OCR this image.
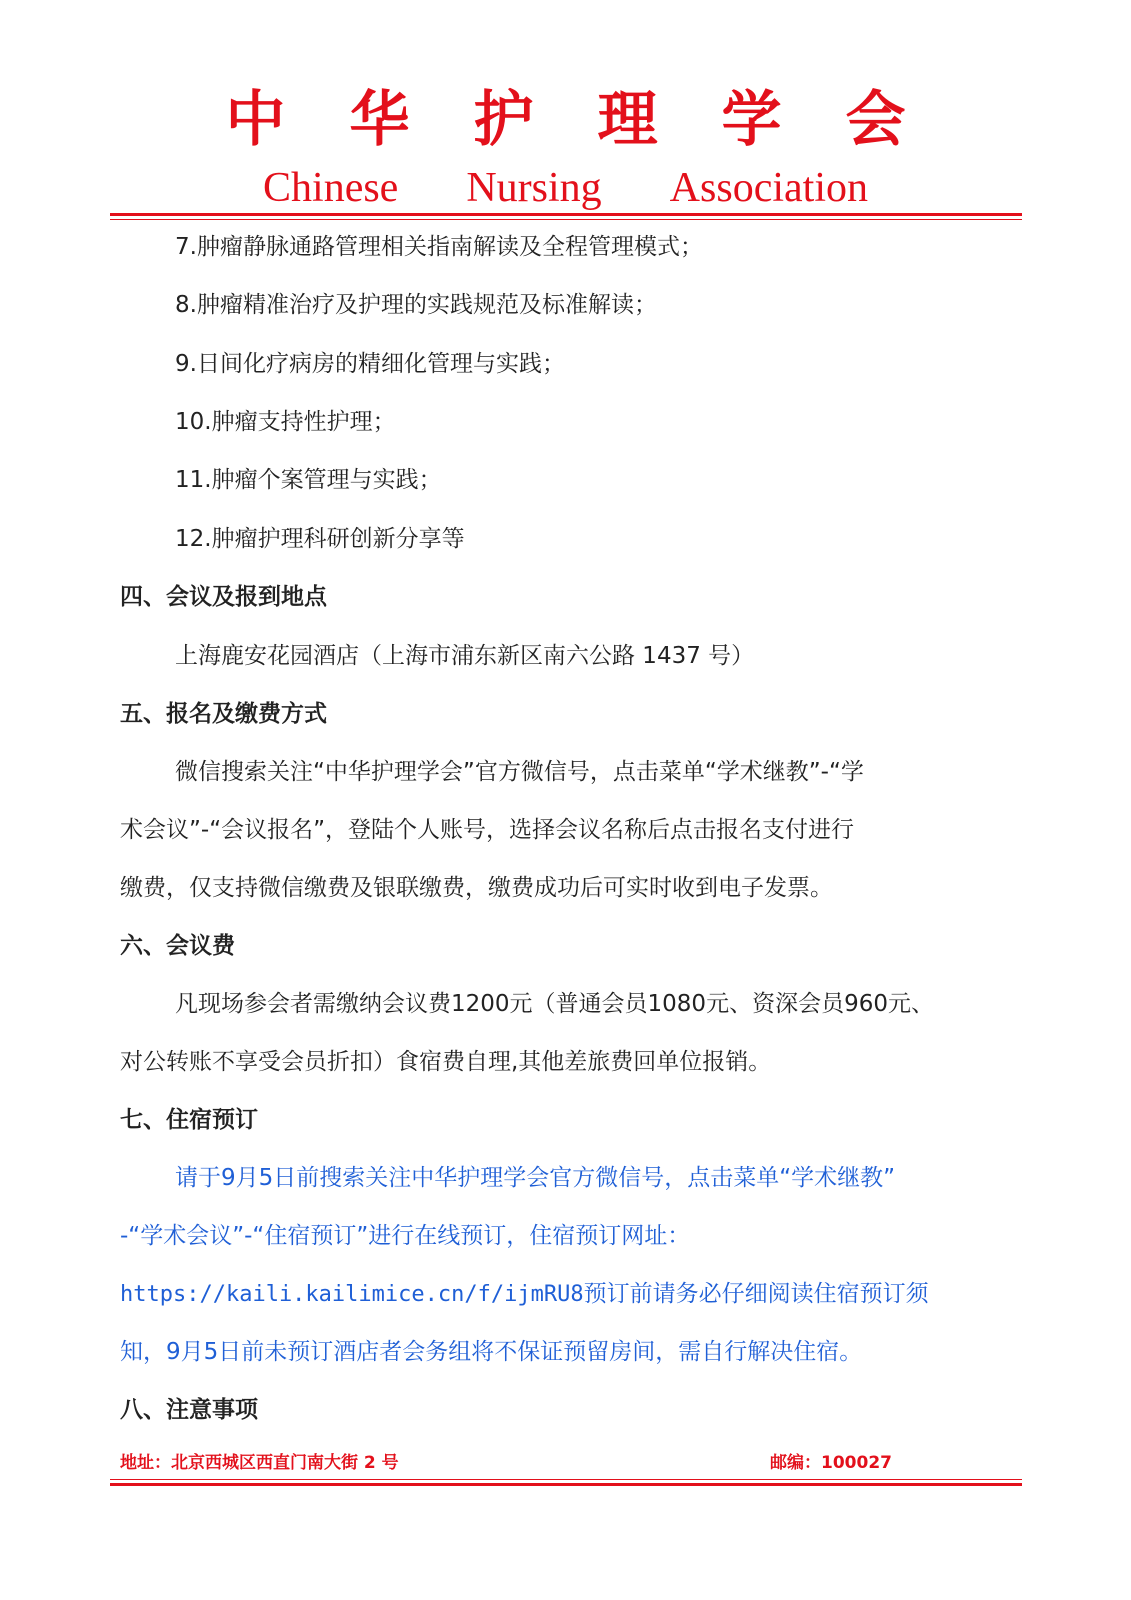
中	华	护	理	学	会
Chinese Nursing Association
7.肿瘤静脉通路管理相关指南解读及全程管理模式；
8.肿瘤精准治疗及护理的实践规范及标准解读；
9.日间化疗病房的精细化管理与实践；
10.肿瘤支持性护理；
11.肿瘤个案管理与实践；
12.肿瘤护理科研创新分享等
四、会议及报到地点
上海鹿安花园酒店（上海市浦东新区南六公路 1437 号）
五、报名及缴费方式
微信搜索关注“中华护理学会”官方微信号，点击菜单“学术继教”-“学
术会议”-“会议报名”，登陆个人账号，选择会议名称后点击报名支付进行
缴费，仅支持微信缴费及银联缴费，缴费成功后可实时收到电子发票。
六、会议费
凡现场参会者需缴纳会议费1200元（普通会员1080元、资深会员960元、
对公转账不享受会员折扣）食宿费自理,其他差旅费回单位报销。
七、住宿预订
请于9月5日前搜索关注中华护理学会官方微信号，点击菜单“学术继教”
-“学术会议”-“住宿预订”进行在线预订，住宿预订网址：
https://kaili.kailimice.cn/f/ijmRU8预订前请务必仔细阅读住宿预订须
知，9月5日前未预订酒店者会务组将不保证预留房间，需自行解决住宿。
八、注意事项
地址：北京西城区西直门南大街 2 号	邮编：100027
